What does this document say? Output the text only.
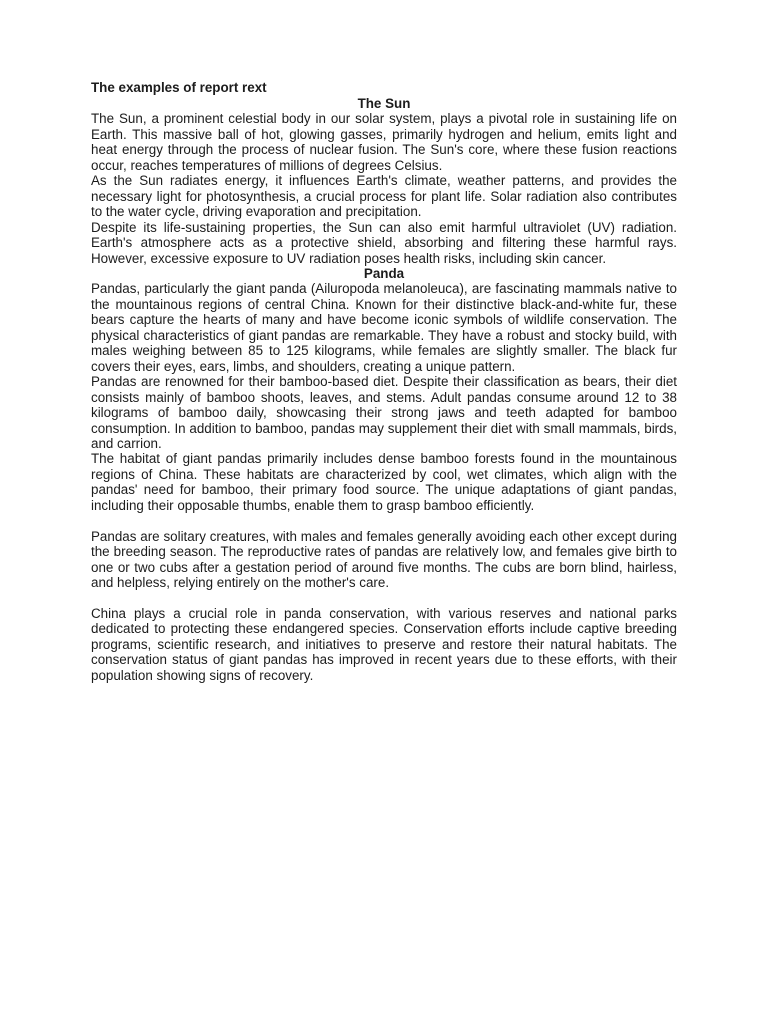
The examples of report rext

The Sun

The Sun, a prominent celestial body in our solar system, plays a pivotal role in sustaining life on Earth. This massive ball of hot, glowing gasses, primarily hydrogen and helium, emits light and heat energy through the process of nuclear fusion. The Sun's core, where these fusion reactions occur, reaches temperatures of millions of degrees Celsius.

As the Sun radiates energy, it influences Earth's climate, weather patterns, and provides the necessary light for photosynthesis, a crucial process for plant life. Solar radiation also contributes to the water cycle, driving evaporation and precipitation.

Despite its life-sustaining properties, the Sun can also emit harmful ultraviolet (UV) radiation. Earth's atmosphere acts as a protective shield, absorbing and filtering these harmful rays. However, excessive exposure to UV radiation poses health risks, including skin cancer.

Panda

Pandas, particularly the giant panda (Ailuropoda melanoleuca), are fascinating mammals native to the mountainous regions of central China. Known for their distinctive black-and-white fur, these bears capture the hearts of many and have become iconic symbols of wildlife conservation. The physical characteristics of giant pandas are remarkable. They have a robust and stocky build, with males weighing between 85 to 125 kilograms, while females are slightly smaller. The black fur covers their eyes, ears, limbs, and shoulders, creating a unique pattern.

Pandas are renowned for their bamboo-based diet. Despite their classification as bears, their diet consists mainly of bamboo shoots, leaves, and stems. Adult pandas consume around 12 to 38 kilograms of bamboo daily, showcasing their strong jaws and teeth adapted for bamboo consumption. In addition to bamboo, pandas may supplement their diet with small mammals, birds, and carrion.

The habitat of giant pandas primarily includes dense bamboo forests found in the mountainous regions of China. These habitats are characterized by cool, wet climates, which align with the pandas' need for bamboo, their primary food source. The unique adaptations of giant pandas, including their opposable thumbs, enable them to grasp bamboo efficiently.

Pandas are solitary creatures, with males and females generally avoiding each other except during the breeding season. The reproductive rates of pandas are relatively low, and females give birth to one or two cubs after a gestation period of around five months. The cubs are born blind, hairless, and helpless, relying entirely on the mother's care.

China plays a crucial role in panda conservation, with various reserves and national parks dedicated to protecting these endangered species. Conservation efforts include captive breeding programs, scientific research, and initiatives to preserve and restore their natural habitats. The conservation status of giant pandas has improved in recent years due to these efforts, with their population showing signs of recovery.
